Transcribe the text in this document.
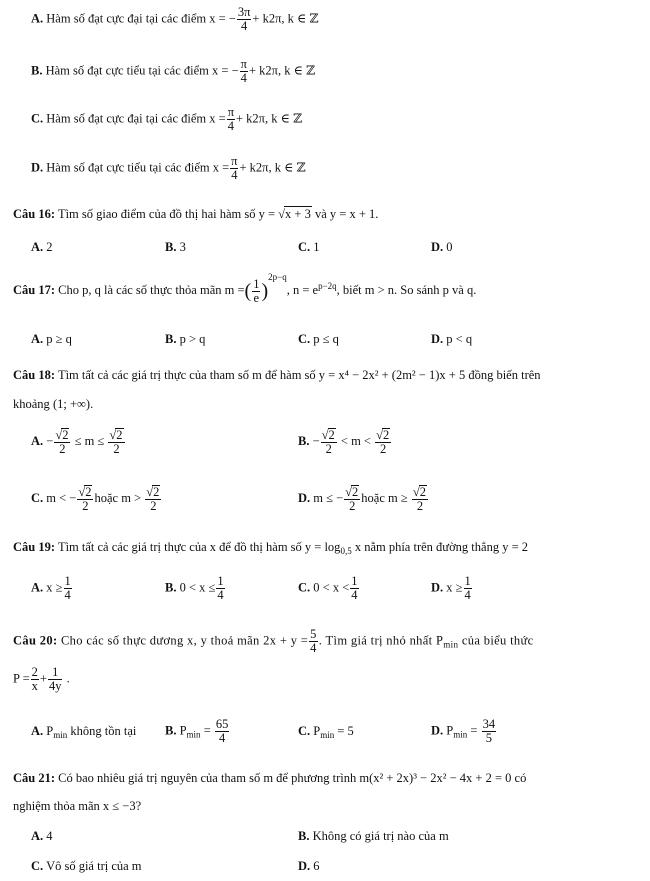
A. Hàm số đạt cực đại tại các điểm x = − $\frac{3\pi}{4} + k2\pi$, k ∈ ℤ
B. Hàm số đạt cực tiểu tại các điểm x = − $\frac{\pi}{4} + k2\pi$, k ∈ ℤ
C. Hàm số đạt cực đại tại các điểm $x = \frac{\pi}{4} + k2\pi$, k ∈ ℤ
D. Hàm số đạt cực tiểu tại các điểm $x = \frac{\pi}{4} + k2\pi$, k ∈ ℤ
Câu 16: Tìm số giao điểm của đồ thị hai hàm số y = √x + 3 và y = x + 1.
A. 2	B. 3	C. 1	D. 0
Câu 17: Cho p, q là các số thực thỏa mãn m =( $\frac{1}{e} )^{2p-q}$, $n = e^{p-2q}$, biết m > n. So sánh p và q.
A. p ≥ q	B. p > q	C. p ≤ q	D. p < q
Câu 18: Tìm tất cả các giá trị thực của tham số m để hàm số y = x⁴ − 2x² + (2m² − 1)x + 5 đồng biến trên
khoảng (1; +∞).
A. − $\frac{√2}{2} \le m \le \frac{√2}{2}$	B. − $\frac{√2}{2} < m < \frac{√2}{2}$
C. m < − $\frac{√2}{2}$ hoặc $m > \frac{√2}{2}$	D. m ≤ − $\frac{√2}{2}$ hoặc $m \ge \frac{√2}{2}$
Câu 19: Tìm tất cả các giá trị thực của x để đồ thị hàm số $y = \log_{0,5} x$ nằm phía trên đường thẳng y = 2
A. $x \ge \frac{1}{4}$	B. $0 < x \le \frac{1}{4}$	C. $0 < x < \frac{1}{4}$	D. $x \ge \frac{1}{4}$
Câu 20: Cho các số thực dương x, y thoả mãn $2x + y = \frac{5}{4}$ . Tìm giá trị nhỏ nhất $P_{min}$ của biểu thức
$P = \frac{2}{x} + \frac{1}{4y}$ .
A. $P_{min}$ không tồn tại B. $P_{min} = \frac{65}{4}$	C. $P_{min} = 5$	D. $P_{min} = \frac{34}{5}$
Câu 21: Có bao nhiêu giá trị nguyên của tham số m để phương trình m(x² + 2x)³ − 2x² − 4x + 2 = 0 có
nghiệm thỏa mãn x ≤ −3?
A. 4	B. Không có giá trị nào của m
C. Vô số giá trị của m	D. 6
